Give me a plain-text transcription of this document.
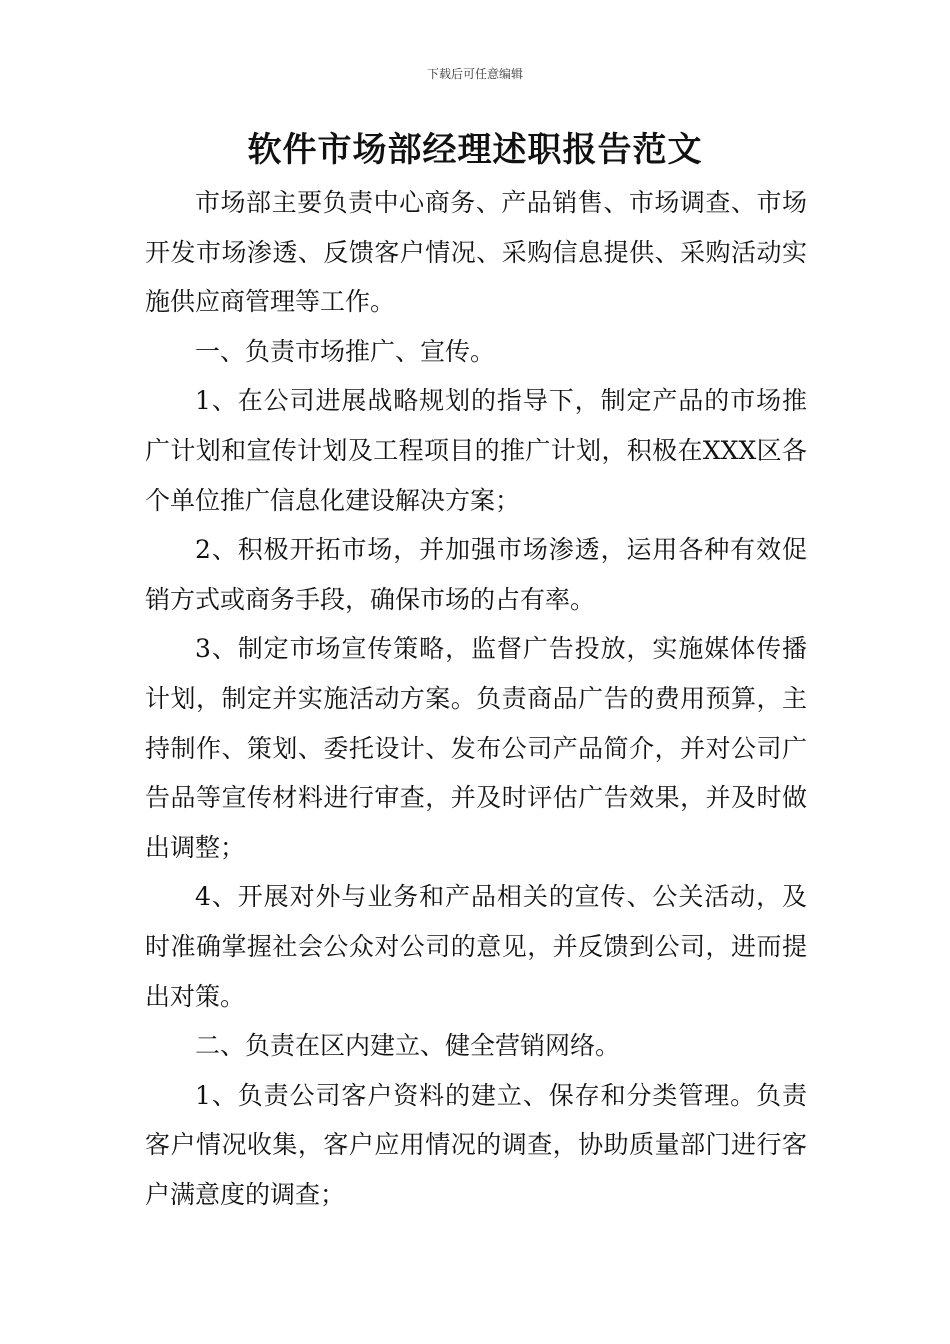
下载后可任意编辑
软件市场部经理述职报告范文

市场部主要负责中心商务、产品销售、市场调查、市场开发市场渗透、反馈客户情况、采购信息提供、采购活动实施供应商管理等工作。

一、负责市场推广、宣传。

1、在公司进展战略规划的指导下，制定产品的市场推广计划和宣传计划及工程项目的推广计划，积极在XXX区各个单位推广信息化建设解决方案；

2、积极开拓市场，并加强市场渗透，运用各种有效促销方式或商务手段，确保市场的占有率。

3、制定市场宣传策略，监督广告投放，实施媒体传播计划，制定并实施活动方案。负责商品广告的费用预算，主持制作、策划、委托设计、发布公司产品简介，并对公司广告品等宣传材料进行审查，并及时评估广告效果，并及时做出调整；

4、开展对外与业务和产品相关的宣传、公关活动，及时准确掌握社会公众对公司的意见，并反馈到公司，进而提出对策。

二、负责在区内建立、健全营销网络。

1、负责公司客户资料的建立、保存和分类管理。负责客户情况收集，客户应用情况的调查，协助质量部门进行客户满意度的调查；
